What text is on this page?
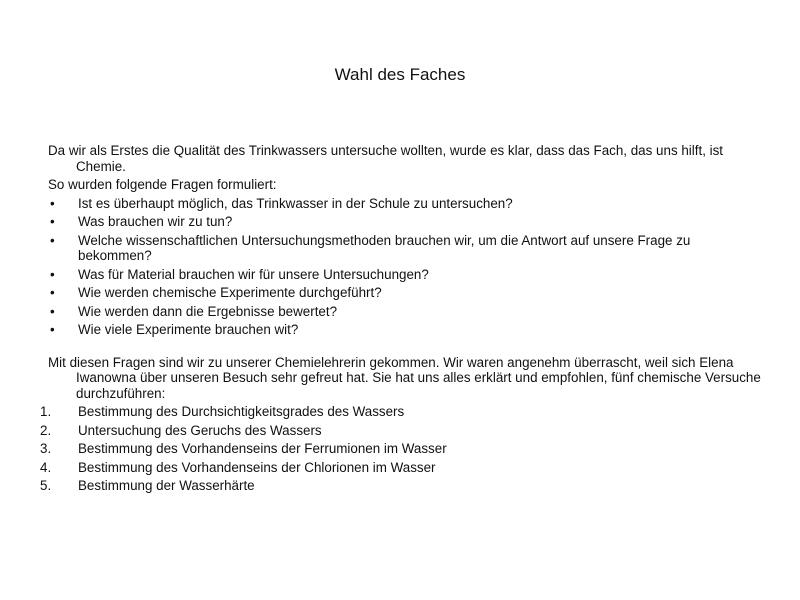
Wahl des Faches

Da wir als Erstes die Qualität des Trinkwassers untersuche wollten, wurde es klar, dass das Fach, das uns hilft, ist Chemie.

So wurden folgende Fragen formuliert:

•	Ist es überhaupt möglich, das Trinkwasser in der Schule zu untersuchen?
•	Was brauchen wir zu tun?
•	Welche wissenschaftlichen Untersuchungsmethoden brauchen wir, um die Antwort auf unsere Frage zu bekommen?
•	Was für Material brauchen wir für unsere Untersuchungen?
•	Wie werden chemische Experimente durchgeführt?
•	Wie werden dann die Ergebnisse bewertet?
•	Wie viele Experimente brauchen wit?

Mit diesen Fragen sind wir zu unserer Chemielehrerin gekommen. Wir waren angenehm überrascht, weil sich Elena Iwanowna über unseren Besuch sehr gefreut hat. Sie hat uns alles erklärt und empfohlen, fünf chemische Versuche durchzuführen:

1.	Bestimmung des Durchsichtigkeitsgrades des Wassers
2.	Untersuchung des Geruchs des Wassers
3.	Bestimmung des Vorhandenseins der Ferrumionen im Wasser
4.	Bestimmung des Vorhandenseins der Chlorionen im Wasser
5.	Bestimmung der Wasserhärte
